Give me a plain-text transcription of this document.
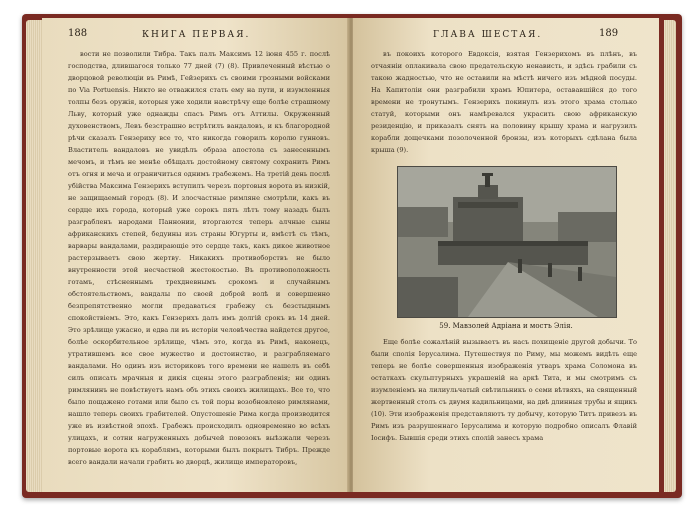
188	КНИГА ПЕРВАЯ.

вости не позволили Тибра. Такъ палъ Максимъ 12 іюня 455 г. послѣ господства, длившагося только 77 дней (7) (8). Привлеченный вѣстью о дворцовой революціи въ Римѣ, Гейзерихъ съ своими грозными войсками по Via Portuensis. Никто не отважился стать ему на пути, и изумленныя толпы безъ оружія, которыя уже ходили навстрѣчу еще болѣе страшному Льву, который уже однажды спасъ Римъ отъ Аттилы. Окруженный духовенствомъ, Левъ безстрашно встрѣтилъ вандаловъ, и къ благородной рѣчи сказалъ Гензериху все то, что никогда говорилъ королю гунновъ. Властитель вандаловъ не увидѣлъ образа апостола съ занесеннымъ мечомъ, и тѣмъ не менѣе обѣщалъ достойному святому сохранить Римъ отъ огня и меча и ограничиться однимъ грабежемъ. На третій день послѣ убійства Максима Гензерихъ вступилъ черезъ портовыя ворота въ низкій, не защищаемый городъ (8). И злосчастные римляне смотрѣли, какъ въ сердце ихъ города, который уже сорокъ пять лѣтъ тому назадъ былъ разграбленъ народами Паннонии, вторгаются теперь алчные сыны африканскихъ степей, бедуины изъ страны Югурты и, вмѣстѣ съ тѣмъ, варвары вандалами, раздирающіе это сердце такъ, какъ дикое животное растерзываетъ свою жертву. Никакихъ противоборствъ не было внутренности этой несчастной жестокостью. Въ противоположность готамъ, стѣсненнымъ трехдневнымъ срокомъ и случайнымъ обстоятельствомъ, вандалы по своей доброй волѣ и совершенно безпрепятственно могли предаваться грабежу съ безстыднымъ спокойствіемъ. Это, какъ Гензерихъ далъ имъ долгій срокъ въ 14 дней. Это зрѣлище ужасно, и едва ли въ исторіи человѣчества найдется другое, болѣе оскорбительное зрѣлище, чѣмъ это, когда въ Римѣ, наконецъ, утратившемъ все свое мужество и достоинство, и разграбляемаго вандалами. Но одинъ изъ историковъ того времени не нашелъ въ себѣ силъ описать мрачныя и дикія сцены этого разграбленія; ни одинъ римлянинъ не повѣствуетъ намъ объ этихъ своихъ жилищахъ. Все то, что было пощажено готами или было съ той поры возобновлено римлянами, нашло теперь своихъ грабителей. Опустошеніе Рима когда производится уже въ извѣстной эпохѣ. Грабежъ происходилъ одновременно во всѣхъ улицахъ, и сотни нагруженныхъ добычей повозокъ выѣзжали черезъ портовые ворота къ кораблямъ, которыми былъ покрытъ Тибръ. Прежде всего вандали начали грабить во дворцѣ, жилище императоровъ,

ГЛАВА ШЕСТАЯ.	189

въ покоихъ которого Евдоксія, взятая Гензерихомъ въ плѣнъ, въ отчаяніи оплакивала свою предательскую ненависть, и здѣсь грабили съ такою жадностью, что не оставили на мѣстѣ ничего изъ мѣдной посуды. На Капитоліи они разграбили храмъ Юпитера, остававшійся до того времени не тронутымъ. Гензерихъ покинулъ изъ этого храма столько статуй, которыми онъ намѣревался украсить свою африканскую резиденцію, и приказалъ снять на половину крышу храма и нагрузилъ корабли дощечками позолоченной бронзы, изъ которыхъ сдѣлана была крыша (9).

59. Мавзолей Адріана и мостъ Элія.

Еще болѣе сожалѣній вызываетъ въ насъ похищеніе другой добычи. То были сполія Іерусалима. Путешествуя по Риму, мы можемъ видѣть еще теперь не болѣе совершенныя изображенія утваръ храма Соломона въ остаткахъ скульптурныхъ украшеній на аркѣ Тита, и мы смотримъ съ изумленіемъ на лилиульчатый свѣтильникъ о семи вѣтвяхъ, на священный жертвенный столъ съ двумя кадильницами, на двѣ длинныя трубы и ящикъ (10). Эти изображенія представляютъ ту добычу, которую Титъ привезъ въ Римъ изъ разрушеннаго Іерусалима и которую подробно описалъ Флавій Іосифъ. Бывшія среди этихъ сполій занесъ храма
